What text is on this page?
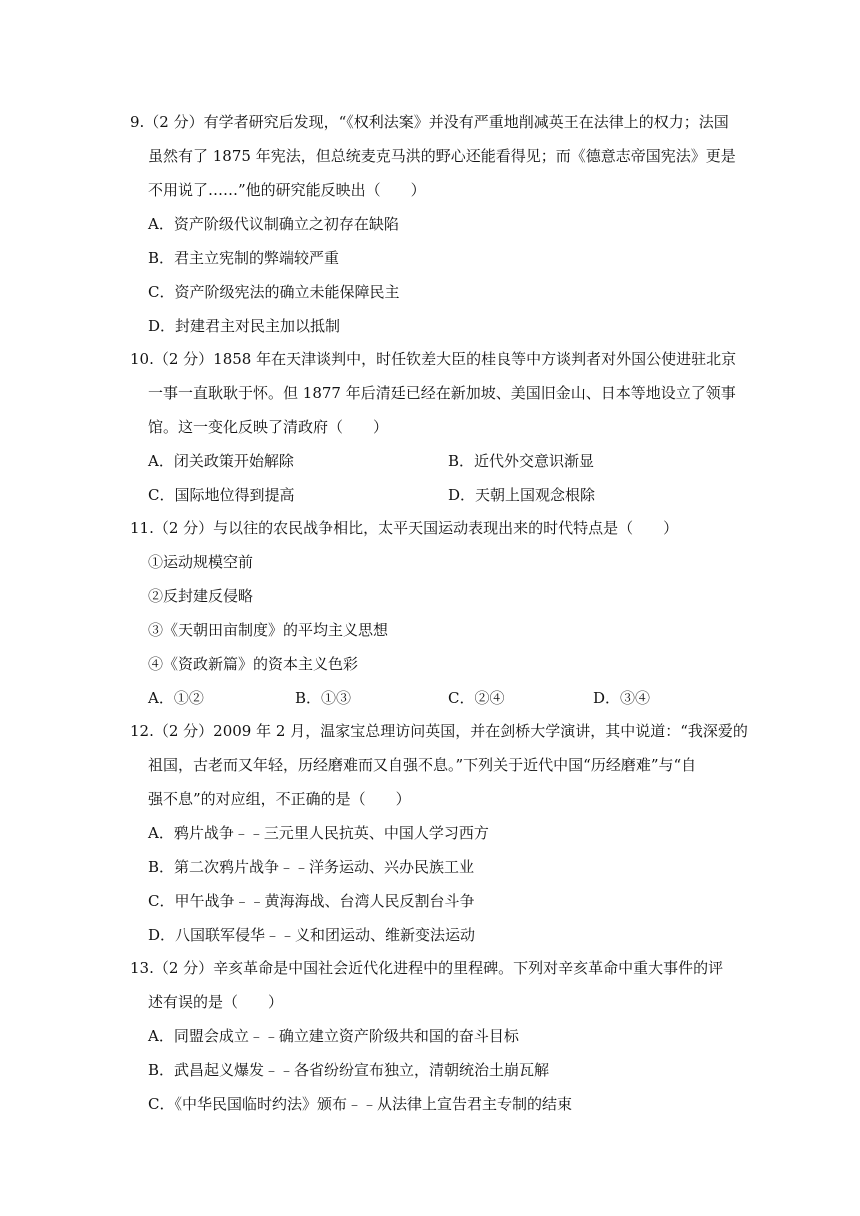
9.（2 分）有学者研究后发现，“《权利法案》并没有严重地削减英王在法律上的权力；法国
虽然有了 1875 年宪法，但总统麦克马洪的野心还能看得见；而《德意志帝国宪法》更是
不用说了……”他的研究能反映出（　　）
A．资产阶级代议制确立之初存在缺陷
B．君主立宪制的弊端较严重
C．资产阶级宪法的确立未能保障民主
D．封建君主对民主加以抵制
10.（2 分）1858 年在天津谈判中，时任钦差大臣的桂良等中方谈判者对外国公使进驻北京
一事一直耿耿于怀。但 1877 年后清廷已经在新加坡、美国旧金山、日本等地设立了领事
馆。这一变化反映了清政府（　　）
A．闭关政策开始解除	B．近代外交意识渐显
C．国际地位得到提高	D．天朝上国观念根除
11.（2 分）与以往的农民战争相比，太平天国运动表现出来的时代特点是（　　）
①运动规模空前
②反封建反侵略
③《天朝田亩制度》的平均主义思想
④《资政新篇》的资本主义色彩
A．①②	B．①③	C．②④	D．③④
12.（2 分）2009 年 2 月，温家宝总理访问英国，并在剑桥大学演讲，其中说道：“我深爱的
祖国，古老而又年轻，历经磨难而又自强不息。”下列关于近代中国“历经磨难”与“自
强不息”的对应组，不正确的是（　　）
A．鸦片战争﹣﹣三元里人民抗英、中国人学习西方
B．第二次鸦片战争﹣﹣洋务运动、兴办民族工业
C．甲午战争﹣﹣黄海海战、台湾人民反割台斗争
D．八国联军侵华﹣﹣义和团运动、维新变法运动
13.（2 分）辛亥革命是中国社会近代化进程中的里程碑。下列对辛亥革命中重大事件的评
述有误的是（　　）
A．同盟会成立﹣﹣确立建立资产阶级共和国的奋斗目标
B．武昌起义爆发﹣﹣各省纷纷宣布独立，清朝统治土崩瓦解
C．《中华民国临时约法》颁布﹣﹣从法律上宣告君主专制的结束
